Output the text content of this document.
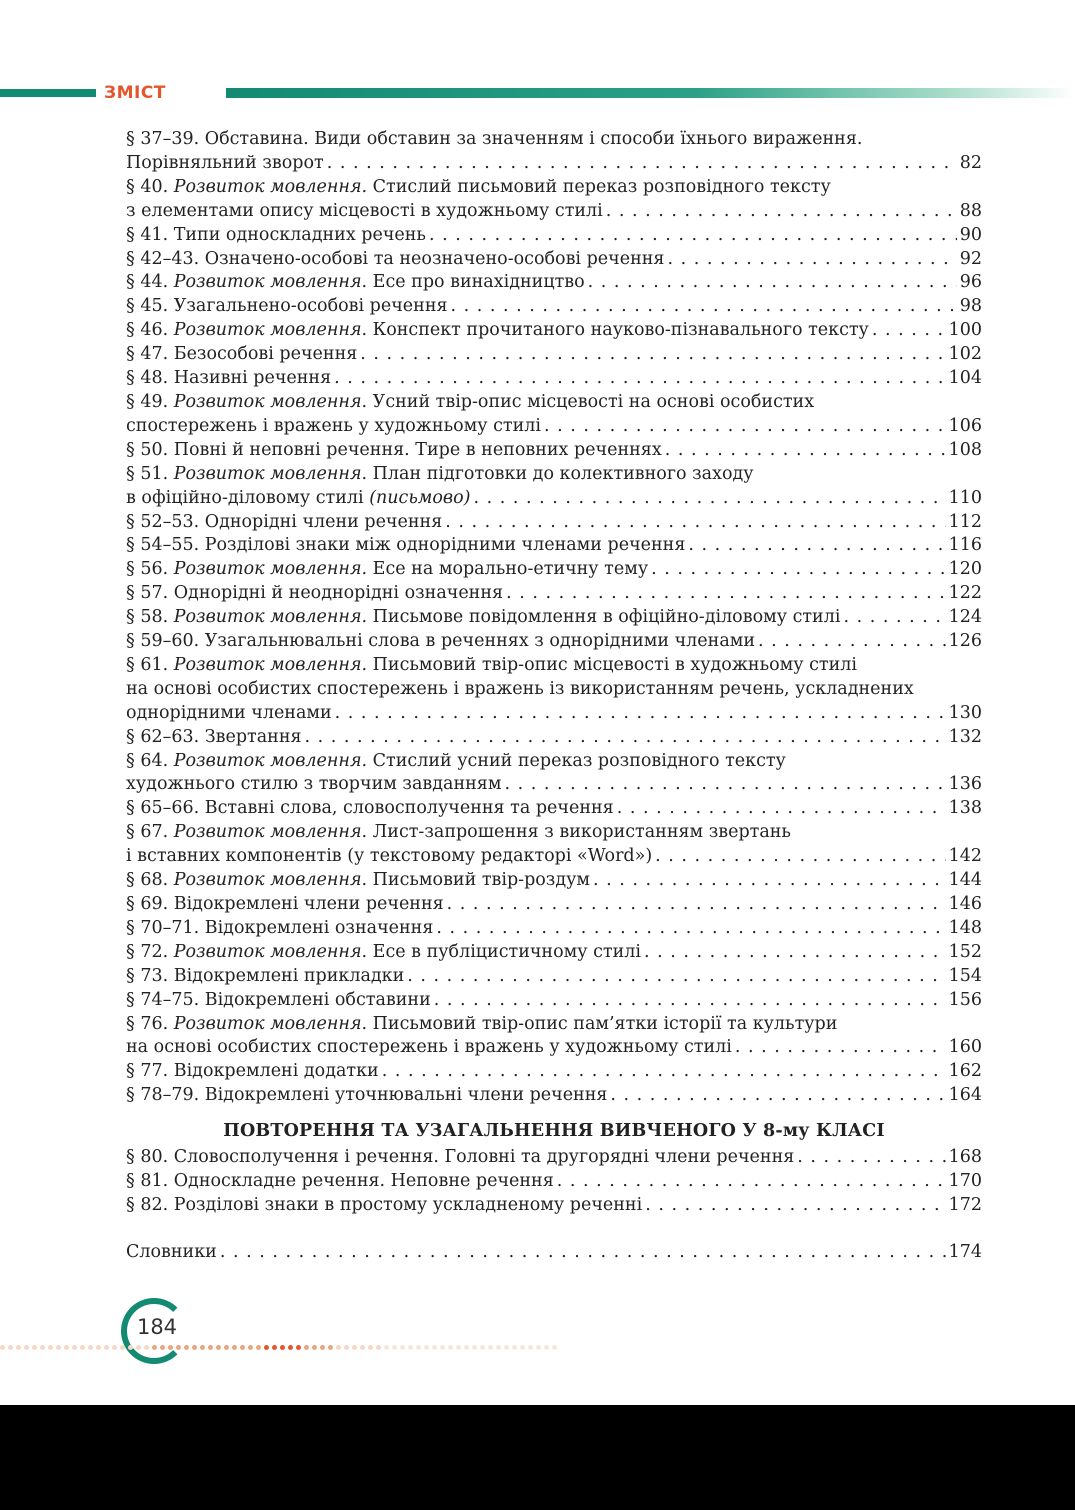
ЗМІСТ
§ 37–39. Обставина. Види обставин за значенням і способи їхнього вираження.
Порівняльний зворот . . .	82
§ 40. Розвиток мовлення. Стислий письмовий переказ розповідного тексту
з елементами опису місцевості в художньому стилі . . .	88
§ 41. Типи односкладних речень . . .	90
§ 42–43. Означено-особові та неозначено-особові речення . . .	92
§ 44. Розвиток мовлення. Есе про винахідництво . . .	96
§ 45. Узагальнено-особові речення . . .	98
§ 46. Розвиток мовлення. Конспект прочитаного науково-пізнавального тексту . . .	100
§ 47. Безособові речення . . .	102
§ 48. Називні речення . . .	104
§ 49. Розвиток мовлення. Усний твір-опис місцевості на основі особистих
спостережень і вражень у художньому стилі . . .	106
§ 50. Повні й неповні речення. Тире в неповних реченнях . . .	108
§ 51. Розвиток мовлення. План підготовки до колективного заходу
в офіційно-діловому стилі (письмово) . . .	110
§ 52–53. Однорідні члени речення . . .	112
§ 54–55. Розділові знаки між однорідними членами речення . . .	116
§ 56. Розвиток мовлення. Есе на морально-етичну тему . . .	120
§ 57. Однорідні й неоднорідні означення . . .	122
§ 58. Розвиток мовлення. Письмове повідомлення в офіційно-діловому стилі . . .	124
§ 59–60. Узагальнювальні слова в реченнях з однорідними членами . . .	126
§ 61. Розвиток мовлення. Письмовий твір-опис місцевості в художньому стилі
на основі особистих спостережень і вражень із використанням речень, ускладнених
однорідними членами . . .	130
§ 62–63. Звертання . . .	132
§ 64. Розвиток мовлення. Стислий усний переказ розповідного тексту
художнього стилю з творчим завданням . . .	136
§ 65–66. Вставні слова, словосполучення та речення . . .	138
§ 67. Розвиток мовлення. Лист-запрошення з використанням звертань
і вставних компонентів (у текстовому редакторі «Word») . . .	142
§ 68. Розвиток мовлення. Письмовий твір-роздум . . .	144
§ 69. Відокремлені члени речення . . .	146
§ 70–71. Відокремлені означення . . .	148
§ 72. Розвиток мовлення. Есе в публіцистичному стилі . . .	152
§ 73. Відокремлені прикладки . . .	154
§ 74–75. Відокремлені обставини . . .	156
§ 76. Розвиток мовлення. Письмовий твір-опис пам’ятки історії та культури
на основі особистих спостережень і вражень у художньому стилі . . .	160
§ 77. Відокремлені додатки . . .	162
§ 78–79. Відокремлені уточнювальні члени речення . . .	164
ПОВТОРЕННЯ ТА УЗАГАЛЬНЕННЯ ВИВЧЕНОГО У 8-му КЛАСІ
§ 80. Словосполучення і речення. Головні та другорядні члени речення . . .	168
§ 81. Односкладне речення. Неповне речення . . .	170
§ 82. Розділові знаки в простому ускладненому реченні . . .	172
Словники . . .	174
184
